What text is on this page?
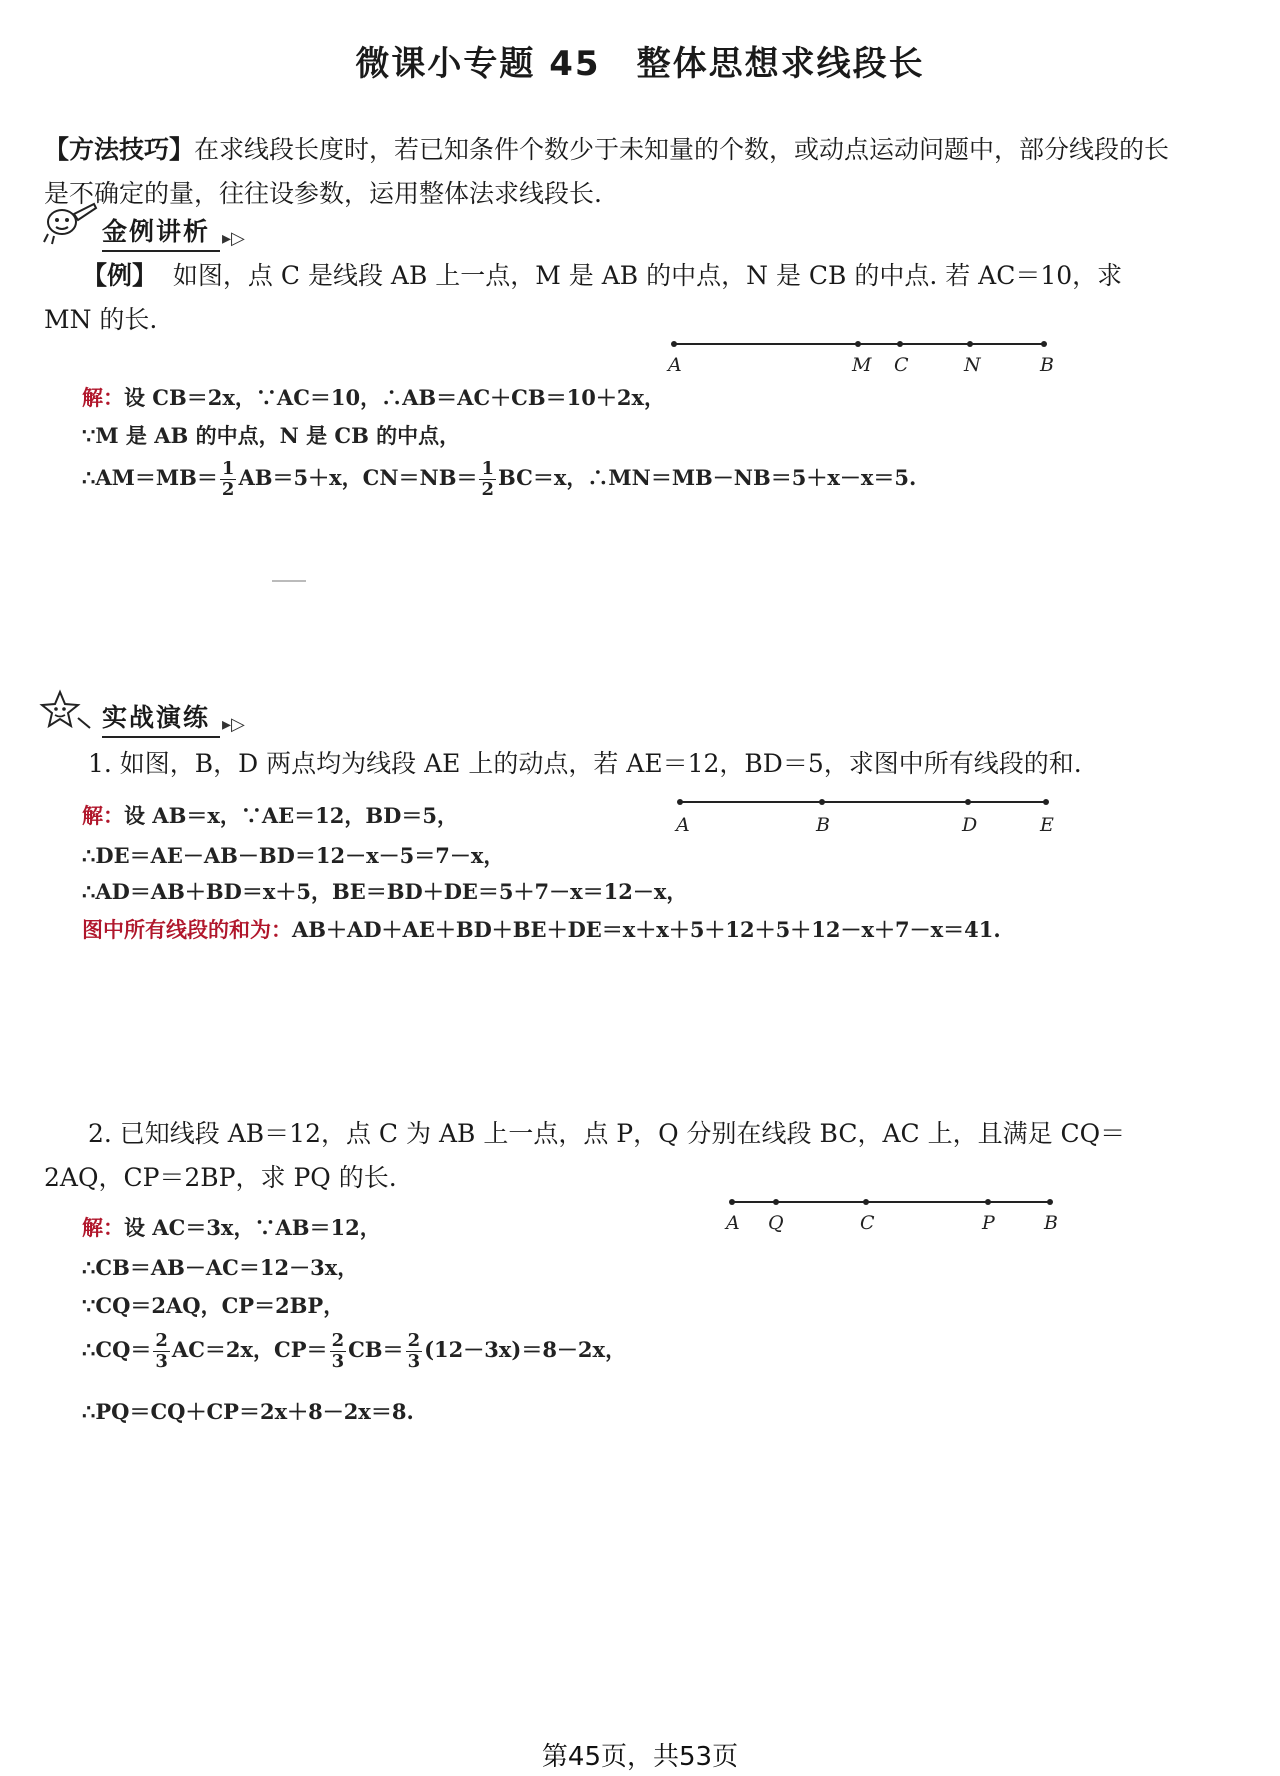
微课小专题 45　整体思想求线段长
【方法技巧】在求线段长度时，若已知条件个数少于未知量的个数，或动点运动问题中，部分线段的长是不确定的量，往往设参数，运用整体法求线段长.
金例讲析 ▸▷
【例】 如图，点 C 是线段 AB 上一点，M 是 AB 的中点，N 是 CB 的中点. 若 AC＝10，求
MN 的长.
A	M C	N	B
解：设 CB＝2x，∵AC＝10，∴AB＝AC＋CB＝10＋2x，
∵M 是 AB 的中点，N 是 CB 的中点，
∴AM＝MB＝ $\frac{1}{2} AB=5+x$，$CN=NB= \frac{1}{2} BC=x$，∴MN＝MB－NB＝5＋x－x＝5.
实战演练 ▸▷
1. 如图，B，D 两点均为线段 AE 上的动点，若 AE＝12，BD＝5，求图中所有线段的和.
A	B	D	E
解：设 AB＝x，∵AE＝12，BD＝5，
∴DE＝AE－AB－BD＝12－x－5＝7－x，
∴AD＝AB＋BD＝x＋5，BE＝BD＋DE＝5＋7－x＝12－x，
图中所有线段的和为：AB＋AD＋AE＋BD＋BE＋DE＝x＋x＋5＋12＋5＋12－x＋7－x＝41.
2. 已知线段 AB＝12，点 C 为 AB 上一点，点 P，Q 分别在线段 BC，AC 上，且满足 CQ＝
2AQ，CP＝2BP，求 PQ 的长.
A Q	C	P	B
解：设 AC＝3x，∵AB＝12，
∴CB＝AB－AC＝12－3x，
∵CQ＝2AQ，CP＝2BP，
∴CQ＝ $\frac{2}{3} AC=2x$，$CP= \frac{2}{3} CB= \frac{2}{3} (12-3x)=8-2x$，
∴PQ＝CQ＋CP＝2x＋8－2x＝8.
第45页，共53页
